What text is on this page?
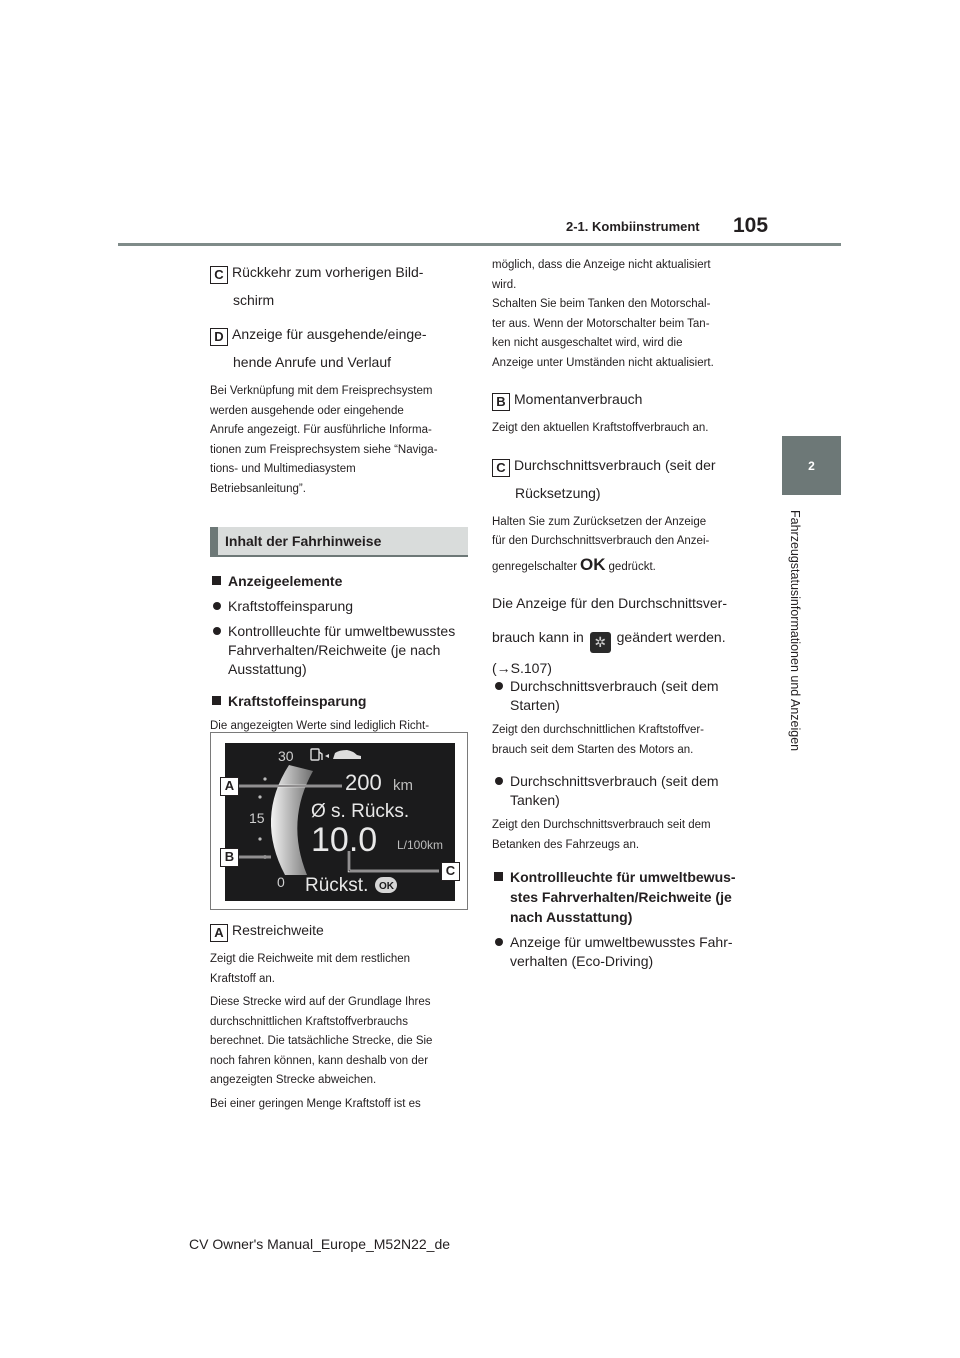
105
2-1. Kombiinstrument
2
Fahrzeugstatusinformationen und Anzeigen
C Rückkehr zum vorherigen Bild-
schirm
D Anzeige für ausgehende/einge-
hende Anrufe und Verlauf
Bei Verknüpfung mit dem Freisprechsystem
werden ausgehende oder eingehende
Anrufe angezeigt. Für ausführliche Informa-
tionen zum Freisprechsystem siehe “Naviga-
tions- und Multimediasystem
Betriebsanleitung”.
Inhalt der Fahrhinweise
Anzeigeelemente
Kraftstoffeinsparung
Kontrollleuchte für umweltbewusstes Fahrverhalten/Reichweite (je nach Ausstattung)
Kraftstoffeinsparung
Die angezeigten Werte sind lediglich Richt-
30
15
0
200 km
Ø s. Rücks.
10.0 L/100km
Rückst. OK
A
B
C
A Restreichweite
Zeigt die Reichweite mit dem restlichen
Kraftstoff an.
Diese Strecke wird auf der Grundlage Ihres
durchschnittlichen Kraftstoffverbrauchs
berechnet. Die tatsächliche Strecke, die Sie
noch fahren können, kann deshalb von der
angezeigten Strecke abweichen.
Bei einer geringen Menge Kraftstoff ist es
möglich, dass die Anzeige nicht aktualisiert
wird.
Schalten Sie beim Tanken den Motorschal-
ter aus. Wenn der Motorschalter beim Tan-
ken nicht ausgeschaltet wird, wird die
Anzeige unter Umständen nicht aktualisiert.
B Momentanverbrauch
Zeigt den aktuellen Kraftstoffverbrauch an.
C Durchschnittsverbrauch (seit der
Rücksetzung)
Halten Sie zum Zurücksetzen der Anzeige
für den Durchschnittsverbrauch den Anzei-
genregelschalter OK gedrückt.
Die Anzeige für den Durchschnittsver-
brauch kann in ✲ geändert werden.
(→S.107)
Durchschnittsverbrauch (seit dem Starten)
Zeigt den durchschnittlichen Kraftstoffver-
brauch seit dem Starten des Motors an.
Durchschnittsverbrauch (seit dem Tanken)
Zeigt den Durchschnittsverbrauch seit dem
Betanken des Fahrzeugs an.
Kontrollleuchte für umweltbewus-stes Fahrverhalten/Reichweite (je nach Ausstattung)
Anzeige für umweltbewusstes Fahr-verhalten (Eco-Driving)
CV Owner's Manual_Europe_M52N22_de
